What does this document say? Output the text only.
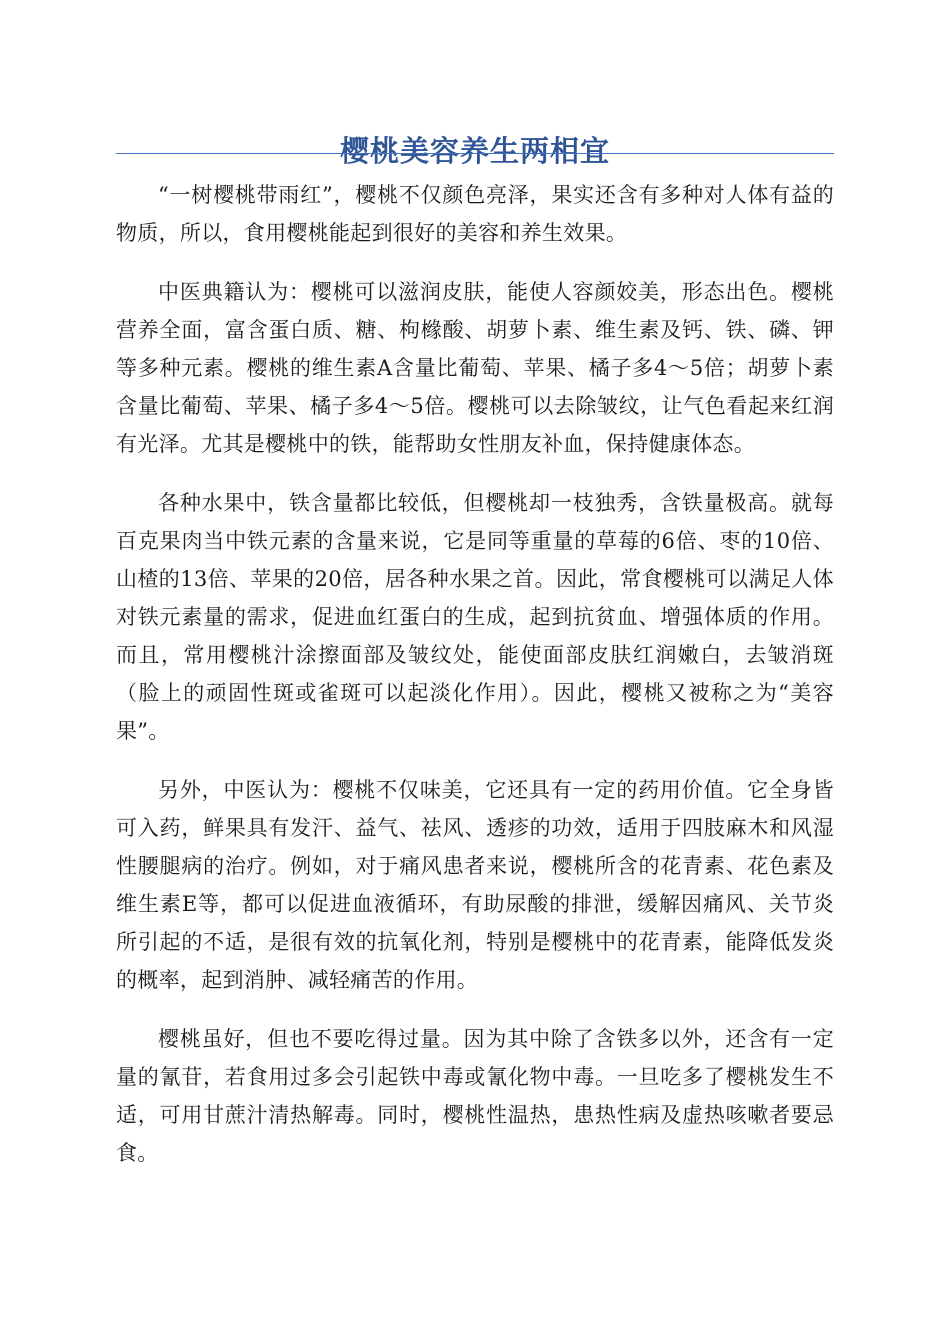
樱桃美容养生两相宜

“一树樱桃带雨红”，樱桃不仅颜色亮泽，果实还含有多种对人体有益的物质，所以，食用樱桃能起到很好的美容和养生效果。

中医典籍认为：樱桃可以滋润皮肤，能使人容颜姣美，形态出色。樱桃营养全面，富含蛋白质、糖、枸橼酸、胡萝卜素、维生素及钙、铁、磷、钾等多种元素。樱桃的维生素A含量比葡萄、苹果、橘子多4～5倍；胡萝卜素含量比葡萄、苹果、橘子多4～5倍。樱桃可以去除皱纹，让气色看起来红润有光泽。尤其是樱桃中的铁，能帮助女性朋友补血，保持健康体态。

各种水果中，铁含量都比较低，但樱桃却一枝独秀，含铁量极高。就每百克果肉当中铁元素的含量来说，它是同等重量的草莓的6倍、枣的10倍、山楂的13倍、苹果的20倍，居各种水果之首。因此，常食樱桃可以满足人体对铁元素量的需求，促进血红蛋白的生成，起到抗贫血、增强体质的作用。而且，常用樱桃汁涂擦面部及皱纹处，能使面部皮肤红润嫩白，去皱消斑（脸上的顽固性斑或雀斑可以起淡化作用）。因此，樱桃又被称之为“美容果”。

另外，中医认为：樱桃不仅味美，它还具有一定的药用价值。它全身皆可入药，鲜果具有发汗、益气、祛风、透疹的功效，适用于四肢麻木和风湿性腰腿病的治疗。例如，对于痛风患者来说，樱桃所含的花青素、花色素及维生素E等，都可以促进血液循环，有助尿酸的排泄，缓解因痛风、关节炎所引起的不适，是很有效的抗氧化剂，特别是樱桃中的花青素，能降低发炎的概率，起到消肿、减轻痛苦的作用。

樱桃虽好，但也不要吃得过量。因为其中除了含铁多以外，还含有一定量的氰苷，若食用过多会引起铁中毒或氰化物中毒。一旦吃多了樱桃发生不适，可用甘蔗汁清热解毒。同时，樱桃性温热，患热性病及虚热咳嗽者要忌食。
